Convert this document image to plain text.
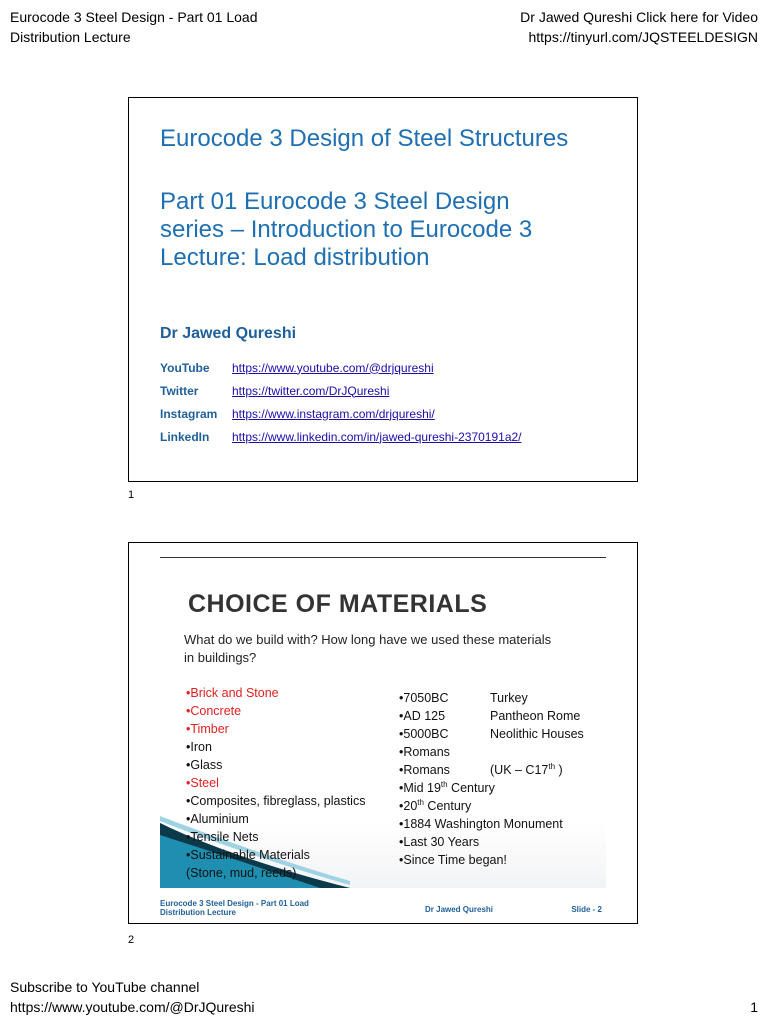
Eurocode 3 Steel Design - Part 01 Load
Distribution Lecture
Dr Jawed Qureshi Click here for Video
https://tinyurl.com/JQSTEELDESIGN
Eurocode 3 Design of Steel Structures
Part 01 Eurocode 3 Steel Design
series – Introduction to Eurocode 3
Lecture: Load distribution
Dr Jawed Qureshi
YouTube	https://www.youtube.com/@drjqureshi
Twitter	https://twitter.com/DrJQureshi
Instagram	https://www.instagram.com/drjqureshi/
LinkedIn	https://www.linkedin.com/in/jawed-qureshi-2370191a2/
1
CHOICE OF MATERIALS
What do we build with? How long have we used these materials
in buildings?
•Brick and Stone
•Concrete
•Timber
•Iron
•Glass
•Steel
•Composites, fibreglass, plastics
•Aluminium
•Tensile Nets
•Sustainable Materials
(Stone, mud, reeds)
•7050BC	Turkey
•AD 125	Pantheon Rome
•5000BC	Neolithic Houses
•Romans
•Romans	(UK – C17th )
•Mid 19th Century
•20th Century
•1884 Washington Monument
•Last 30 Years
•Since Time began!
Eurocode 3 Steel Design - Part 01 Load
Distribution Lecture	Dr Jawed Qureshi	Slide - 2
2
Subscribe to YouTube channel
https://www.youtube.com/@DrJQureshi	1
